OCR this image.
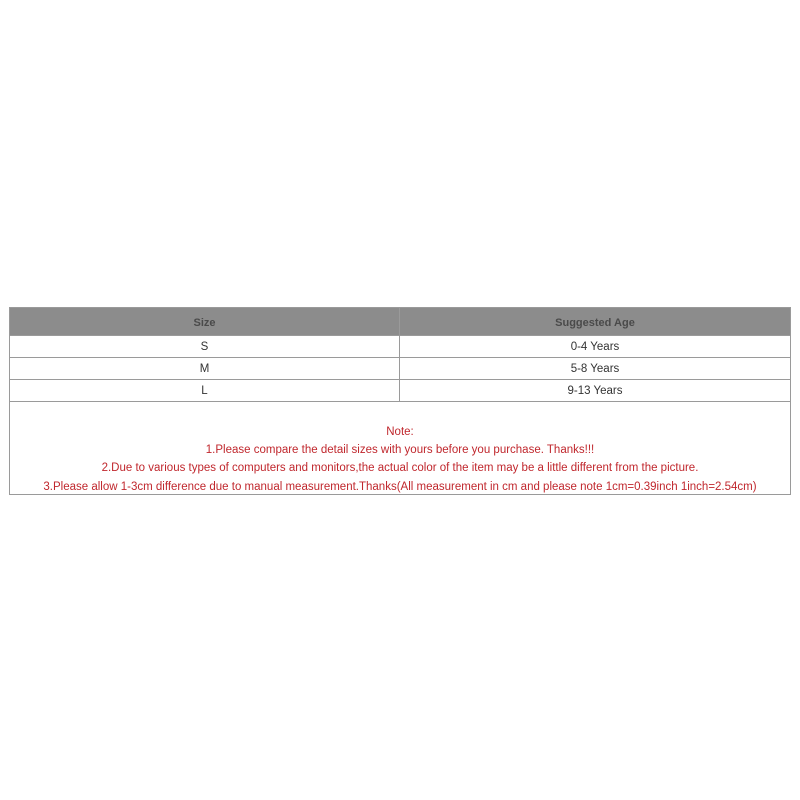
Size	Suggested Age
S	0-4 Years
M	5-8 Years
L	9-13 Years
Note:
1.Please compare the detail sizes with yours before you purchase. Thanks!!!
2.Due to various types of computers and monitors,the actual color of the item may be a little different from the picture.
3.Please allow 1-3cm difference due to manual measurement.Thanks(All measurement in cm and please note 1cm=0.39inch 1inch=2.54cm)
